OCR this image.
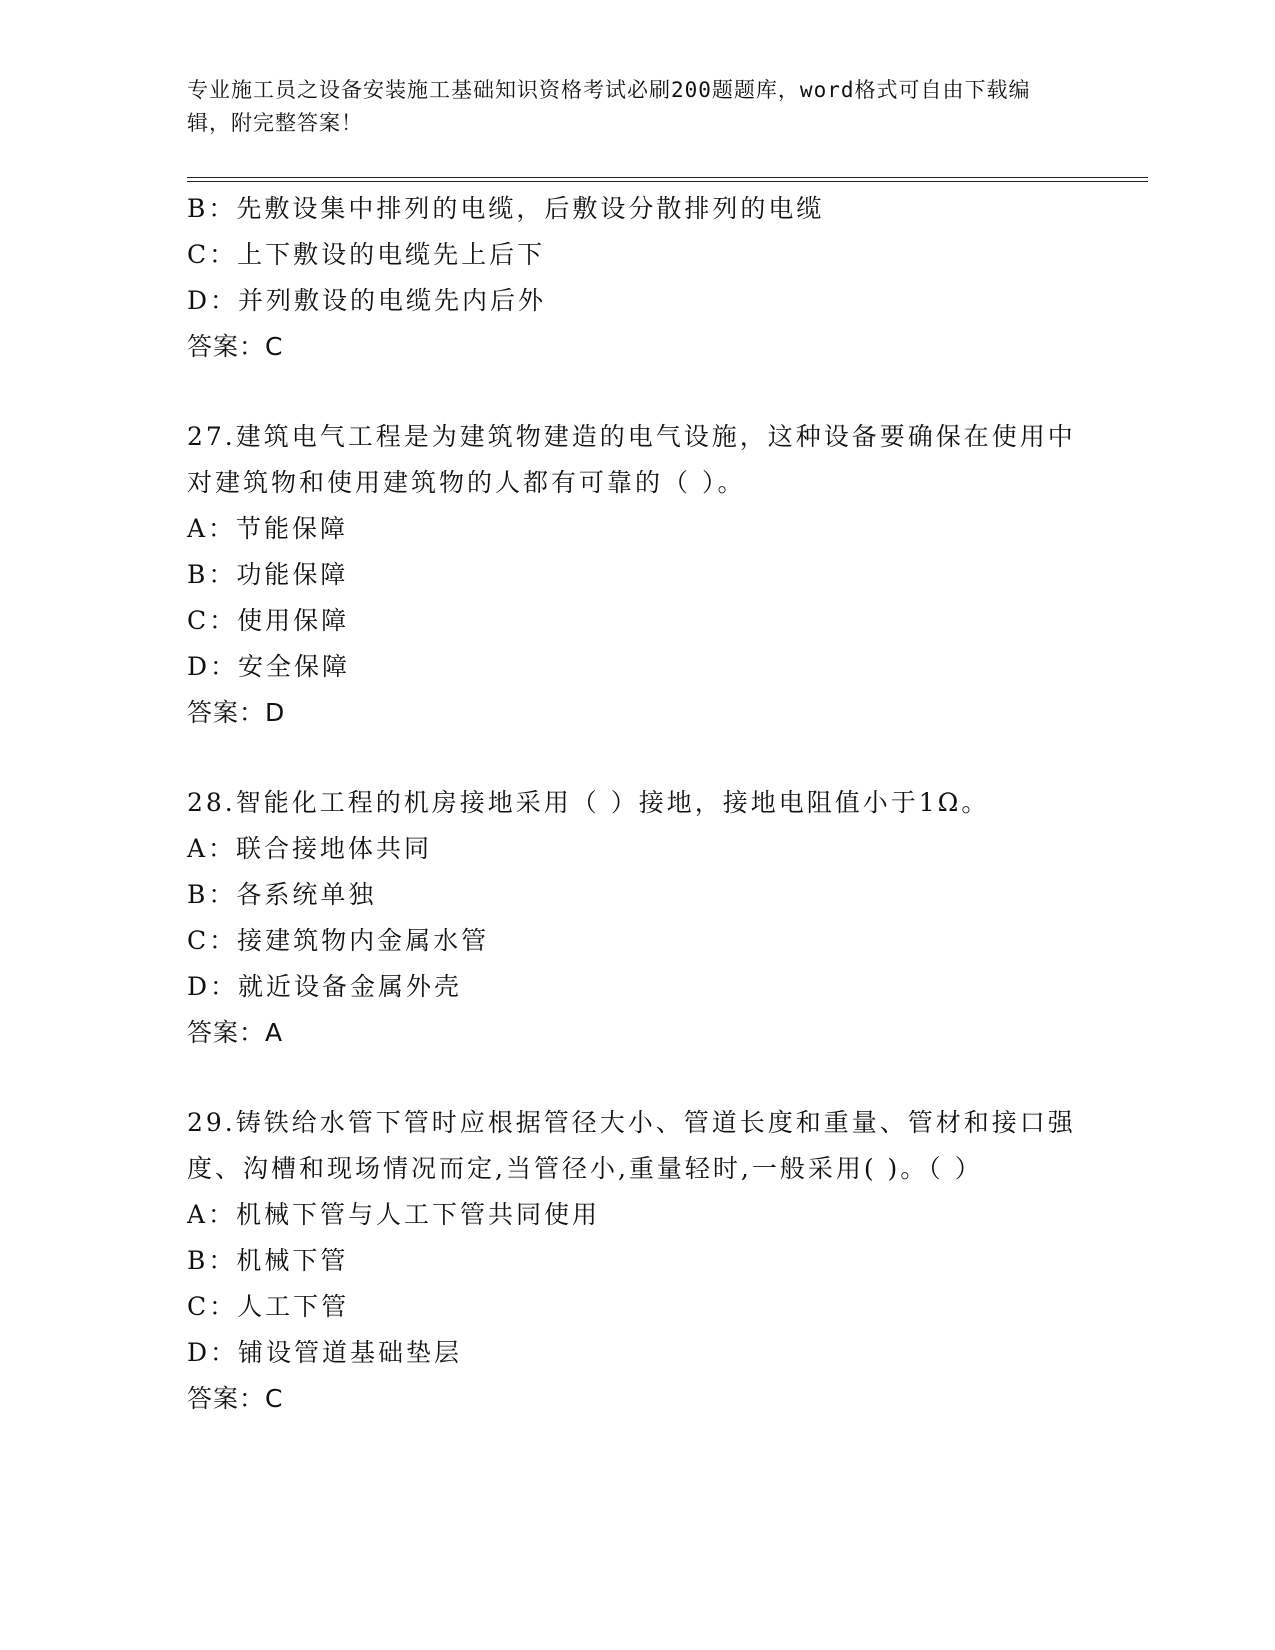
专业施工员之设备安装施工基础知识资格考试必刷200题题库，word格式可自由下载编辑，附完整答案！
B：先敷设集中排列的电缆，后敷设分散排列的电缆
C：上下敷设的电缆先上后下
D：并列敷设的电缆先内后外
答案：C
27.建筑电气工程是为建筑物建造的电气设施，这种设备要确保在使用中对建筑物和使用建筑物的人都有可靠的（ ）。
A：节能保障
B：功能保障
C：使用保障
D：安全保障
答案：D
28.智能化工程的机房接地采用（ ）接地，接地电阻值小于1Ω。
A：联合接地体共同
B：各系统单独
C：接建筑物内金属水管
D：就近设备金属外壳
答案：A
29.铸铁给水管下管时应根据管径大小、管道长度和重量、管材和接口强度、沟槽和现场情况而定,当管径小,重量轻时,一般采用( )。（ ）
A：机械下管与人工下管共同使用
B：机械下管
C：人工下管
D：铺设管道基础垫层
答案：C
